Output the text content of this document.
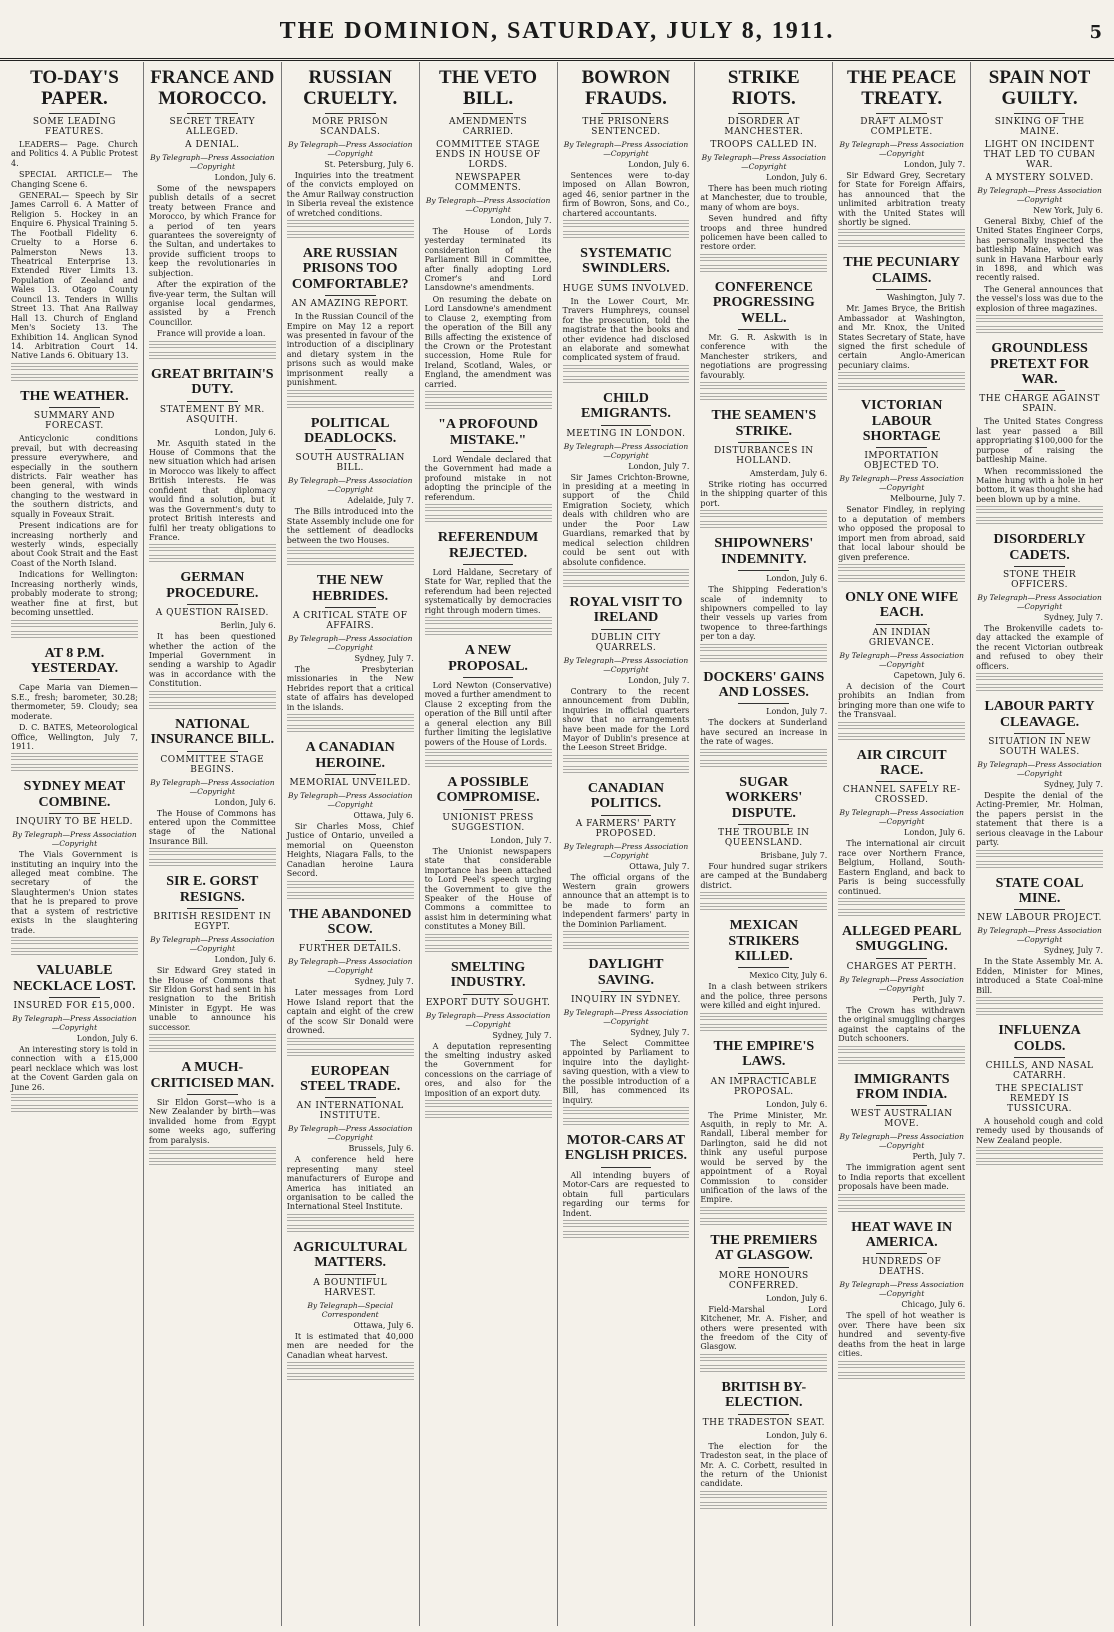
THE DOMINION, SATURDAY, JULY 8, 1911.	5
TO-DAY'S PAPER.
SOME LEADING FEATURES.

LEADERS— Page. Church and Politics 4. A Public Protest 4.

SPECIAL ARTICLE— The Changing Scene 6.

GENERAL— Speech by Sir James Carroll 6. A Matter of Religion 5. Hockey in an Enquire 6. Physical Training 5. The Football Fidelity 6. Cruelty to a Horse 6. Palmerston News 13. Theatrical Enterprise 13. Extended River Limits 13. Population of Zealand and Wales 13. Otago County Council 13. Tenders in Willis Street 13. That Ana Railway Hall 13. Church of England Men's Society 13. The Exhibition 14. Anglican Synod 14. Arbitration Court 14. Native Lands 6. Obituary 13.

THE WEATHER.
SUMMARY AND FORECAST.

Anticyclonic conditions prevail, but with decreasing pressure everywhere, and especially in the southern districts. Fair weather has been general, with winds changing to the westward in the southern districts, and squally in Foveaux Strait.

Present indications are for increasing northerly and westerly winds, especially about Cook Strait and the East Coast of the North Island.

Indications for Wellington: Increasing northerly winds, probably moderate to strong; weather fine at first, but becoming unsettled.

AT 8 P.M. YESTERDAY.

Cape Maria van Diemen—S.E., fresh; barometer, 30.28; thermometer, 59. Cloudy; sea moderate.

D. C. BATES, Meteorological Office, Wellington, July 7, 1911.

SYDNEY MEAT COMBINE.
INQUIRY TO BE HELD.
By Telegraph—Press Association—Copyright

The Vials Government is instituting an inquiry into the alleged meat combine. The secretary of the Slaughtermen's Union states that he is prepared to prove that a system of restrictive exists in the slaughtering trade.

VALUABLE NECKLACE LOST.
INSURED FOR £15,000.
By Telegraph—Press Association—Copyright
London, July 6.

An interesting story is told in connection with a £15,000 pearl necklace which was lost at the Covent Garden gala on June 26.

FRANCE AND MOROCCO.
SECRET TREATY ALLEGED.
A DENIAL.
By Telegraph—Press Association—Copyright
London, July 6.

Some of the newspapers publish details of a secret treaty between France and Morocco, by which France for a period of ten years guarantees the sovereignty of the Sultan, and undertakes to provide sufficient troops to keep the revolutionaries in subjection.

After the expiration of the five-year term, the Sultan will organise local gendarmes, assisted by a French Councillor.

France will provide a loan.

GREAT BRITAIN'S DUTY.
STATEMENT BY MR. ASQUITH.
London, July 6.

Mr. Asquith stated in the House of Commons that the new situation which had arisen in Morocco was likely to affect British interests. He was confident that diplomacy would find a solution, but it was the Government's duty to protect British interests and fulfil her treaty obligations to France.

GERMAN PROCEDURE.
A QUESTION RAISED.
Berlin, July 6.

It has been questioned whether the action of the Imperial Government in sending a warship to Agadir was in accordance with the Constitution.

NATIONAL INSURANCE BILL.
COMMITTEE STAGE BEGINS.
By Telegraph—Press Association—Copyright
London, July 6.

The House of Commons has entered upon the Committee stage of the National Insurance Bill.

SIR E. GORST RESIGNS.
BRITISH RESIDENT IN EGYPT.
By Telegraph—Press Association—Copyright
London, July 6.

Sir Edward Grey stated in the House of Commons that Sir Eldon Gorst had sent in his resignation to the British Minister in Egypt. He was unable to announce his successor.

A MUCH-CRITICISED MAN.

Sir Eldon Gorst—who is a New Zealander by birth—was invalided home from Egypt some weeks ago, suffering from paralysis.

RUSSIAN CRUELTY.
MORE PRISON SCANDALS.
By Telegraph—Press Association—Copyright
St. Petersburg, July 6.

Inquiries into the treatment of the convicts employed on the Amur Railway construction in Siberia reveal the existence of wretched conditions.

ARE RUSSIAN PRISONS TOO COMFORTABLE?
AN AMAZING REPORT.

In the Russian Council of the Empire on May 12 a report was presented in favour of the introduction of a disciplinary and dietary system in the prisons such as would make imprisonment really a punishment.

POLITICAL DEADLOCKS.
SOUTH AUSTRALIAN BILL.
By Telegraph—Press Association—Copyright
Adelaide, July 7.

The Bills introduced into the State Assembly include one for the settlement of deadlocks between the two Houses.

THE NEW HEBRIDES.
A CRITICAL STATE OF AFFAIRS.
By Telegraph—Press Association—Copyright
Sydney, July 7.

The Presbyterian missionaries in the New Hebrides report that a critical state of affairs has developed in the islands.

A CANADIAN HEROINE.
MEMORIAL UNVEILED.
By Telegraph—Press Association—Copyright
Ottawa, July 6.

Sir Charles Moss, Chief Justice of Ontario, unveiled a memorial on Queenston Heights, Niagara Falls, to the Canadian heroine Laura Secord.

THE ABANDONED SCOW.
FURTHER DETAILS.
By Telegraph—Press Association—Copyright
Sydney, July 7.

Later messages from Lord Howe Island report that the captain and eight of the crew of the scow Sir Donald were drowned.

EUROPEAN STEEL TRADE.
AN INTERNATIONAL INSTITUTE.
By Telegraph—Press Association—Copyright
Brussels, July 6.

A conference held here representing many steel manufacturers of Europe and America has initiated an organisation to be called the International Steel Institute.

AGRICULTURAL MATTERS.
A BOUNTIFUL HARVEST.
By Telegraph—Special Correspondent
Ottawa, July 6.

It is estimated that 40,000 men are needed for the Canadian wheat harvest.

THE VETO BILL.
AMENDMENTS CARRIED.
COMMITTEE STAGE ENDS IN HOUSE OF LORDS.
NEWSPAPER COMMENTS.
By Telegraph—Press Association—Copyright
London, July 7.

The House of Lords yesterday terminated its consideration of the Parliament Bill in Committee, after finally adopting Lord Cromer's and Lord Lansdowne's amendments.

On resuming the debate on Lord Lansdowne's amendment to Clause 2, exempting from the operation of the Bill any Bills affecting the existence of the Crown or the Protestant succession, Home Rule for Ireland, Scotland, Wales, or England, the amendment was carried.

"A PROFOUND MISTAKE."

Lord Wendale declared that the Government had made a profound mistake in not adopting the principle of the referendum.

REFERENDUM REJECTED.

Lord Haldane, Secretary of State for War, replied that the referendum had been rejected systematically by democracies right through modern times.

A NEW PROPOSAL.

Lord Newton (Conservative) moved a further amendment to Clause 2 excepting from the operation of the Bill until after a general election any Bill further limiting the legislative powers of the House of Lords.

A POSSIBLE COMPROMISE.
UNIONIST PRESS SUGGESTION.
London, July 7.

The Unionist newspapers state that considerable importance has been attached to Lord Peel's speech urging the Government to give the Speaker of the House of Commons a committee to assist him in determining what constitutes a Money Bill.

SMELTING INDUSTRY.
EXPORT DUTY SOUGHT.
By Telegraph—Press Association—Copyright
Sydney, July 7.

A deputation representing the smelting industry asked the Government for concessions on the carriage of ores, and also for the imposition of an export duty.

BOWRON FRAUDS.
THE PRISONERS SENTENCED.
By Telegraph—Press Association—Copyright
London, July 6.

Sentences were to-day imposed on Allan Bowron, aged 46, senior partner in the firm of Bowron, Sons, and Co., chartered accountants.

SYSTEMATIC SWINDLERS.
HUGE SUMS INVOLVED.

In the Lower Court, Mr. Travers Humphreys, counsel for the prosecution, told the magistrate that the books and other evidence had disclosed an elaborate and somewhat complicated system of fraud.

CHILD EMIGRANTS.
MEETING IN LONDON.
By Telegraph—Press Association—Copyright
London, July 7.

Sir James Crichton-Browne, in presiding at a meeting in support of the Child Emigration Society, which deals with children who are under the Poor Law Guardians, remarked that by medical selection children could be sent out with absolute confidence.

ROYAL VISIT TO IRELAND
DUBLIN CITY QUARRELS.
By Telegraph—Press Association—Copyright
London, July 7.

Contrary to the recent announcement from Dublin, inquiries in official quarters show that no arrangements have been made for the Lord Mayor of Dublin's presence at the Leeson Street Bridge.

CANADIAN POLITICS.
A FARMERS' PARTY PROPOSED.
By Telegraph—Press Association—Copyright
Ottawa, July 7.

The official organs of the Western grain growers announce that an attempt is to be made to form an independent farmers' party in the Dominion Parliament.

DAYLIGHT SAVING.
INQUIRY IN SYDNEY.
By Telegraph—Press Association—Copyright
Sydney, July 7.

The Select Committee appointed by Parliament to inquire into the daylight-saving question, with a view to the possible introduction of a Bill, has commenced its inquiry.

MOTOR-CARS AT ENGLISH PRICES.

All intending buyers of Motor-Cars are requested to obtain full particulars regarding our terms for Indent.

STRIKE RIOTS.
DISORDER AT MANCHESTER.
TROOPS CALLED IN.
By Telegraph—Press Association—Copyright
London, July 6.

There has been much rioting at Manchester, due to trouble, many of whom are boys.

Seven hundred and fifty troops and three hundred policemen have been called to restore order.

CONFERENCE PROGRESSING WELL.

Mr. G. R. Askwith is in conference with the Manchester strikers, and negotiations are progressing favourably.

THE SEAMEN'S STRIKE.
DISTURBANCES IN HOLLAND.
Amsterdam, July 6.

Strike rioting has occurred in the shipping quarter of this port.

SHIPOWNERS' INDEMNITY.
London, July 6.

The Shipping Federation's scale of indemnity to shipowners compelled to lay their vessels up varies from twopence to three-farthings per ton a day.

DOCKERS' GAINS AND LOSSES.
London, July 7.

The dockers at Sunderland have secured an increase in the rate of wages.

SUGAR WORKERS' DISPUTE.
THE TROUBLE IN QUEENSLAND.
Brisbane, July 7.

Four hundred sugar strikers are camped at the Bundaberg district.

MEXICAN STRIKERS KILLED.
Mexico City, July 6.

In a clash between strikers and the police, three persons were killed and eight injured.

THE EMPIRE'S LAWS.
AN IMPRACTICABLE PROPOSAL.
London, July 6.

The Prime Minister, Mr. Asquith, in reply to Mr. A. Randall, Liberal member for Darlington, said he did not think any useful purpose would be served by the appointment of a Royal Commission to consider unification of the laws of the Empire.

THE PREMIERS AT GLASGOW.
MORE HONOURS CONFERRED.
London, July 6.

Field-Marshal Lord Kitchener, Mr. A. Fisher, and others were presented with the freedom of the City of Glasgow.

BRITISH BY-ELECTION.
THE TRADESTON SEAT.
London, July 6.

The election for the Tradeston seat, in the place of Mr. A. C. Corbett, resulted in the return of the Unionist candidate.

THE PEACE TREATY.
DRAFT ALMOST COMPLETE.
By Telegraph—Press Association—Copyright
London, July 7.

Sir Edward Grey, Secretary for State for Foreign Affairs, has announced that the unlimited arbitration treaty with the United States will shortly be signed.

THE PECUNIARY CLAIMS.
Washington, July 7.

Mr. James Bryce, the British Ambassador at Washington, and Mr. Knox, the United States Secretary of State, have signed the first schedule of certain Anglo-American pecuniary claims.

VICTORIAN LABOUR SHORTAGE
IMPORTATION OBJECTED TO.
By Telegraph—Press Association—Copyright
Melbourne, July 7.

Senator Findley, in replying to a deputation of members who opposed the proposal to import men from abroad, said that local labour should be given preference.

ONLY ONE WIFE EACH.
AN INDIAN GRIEVANCE.
By Telegraph—Press Association—Copyright
Capetown, July 6.

A decision of the Court prohibits an Indian from bringing more than one wife to the Transvaal.

AIR CIRCUIT RACE.
CHANNEL SAFELY RE-CROSSED.
By Telegraph—Press Association—Copyright
London, July 6.

The international air circuit race over Northern France, Belgium, Holland, South-Eastern England, and back to Paris is being successfully continued.

ALLEGED PEARL SMUGGLING.
CHARGES AT PERTH.
By Telegraph—Press Association—Copyright
Perth, July 7.

The Crown has withdrawn the original smuggling charges against the captains of the Dutch schooners.

IMMIGRANTS FROM INDIA.
WEST AUSTRALIAN MOVE.
By Telegraph—Press Association—Copyright
Perth, July 7.

The immigration agent sent to India reports that excellent proposals have been made.

HEAT WAVE IN AMERICA.
HUNDREDS OF DEATHS.
By Telegraph—Press Association—Copyright
Chicago, July 6.

The spell of hot weather is over. There have been six hundred and seventy-five deaths from the heat in large cities.

SPAIN NOT GUILTY.
SINKING OF THE MAINE.
LIGHT ON INCIDENT THAT LED TO CUBAN WAR.
A MYSTERY SOLVED.
By Telegraph—Press Association—Copyright
New York, July 6.

General Bixby, Chief of the United States Engineer Corps, has personally inspected the battleship Maine, which was sunk in Havana Harbour early in 1898, and which was recently raised.

The General announces that the vessel's loss was due to the explosion of three magazines.

GROUNDLESS PRETEXT FOR WAR.
THE CHARGE AGAINST SPAIN.

The United States Congress last year passed a Bill appropriating $100,000 for the purpose of raising the battleship Maine.

When recommissioned the Maine hung with a hole in her bottom, it was thought she had been blown up by a mine.

DISORDERLY CADETS.
STONE THEIR OFFICERS.
By Telegraph—Press Association—Copyright
Sydney, July 7.

The Brokenville cadets to-day attacked the example of the recent Victorian outbreak and refused to obey their officers.

LABOUR PARTY CLEAVAGE.
SITUATION IN NEW SOUTH WALES.
By Telegraph—Press Association—Copyright
Sydney, July 7.

Despite the denial of the Acting-Premier, Mr. Holman, the papers persist in the statement that there is a serious cleavage in the Labour party.

STATE COAL MINE.
NEW LABOUR PROJECT.
By Telegraph—Press Association—Copyright
Sydney, July 7.

In the State Assembly Mr. A. Edden, Minister for Mines, introduced a State Coal-mine Bill.

INFLUENZA COLDS.
CHILLS, AND NASAL CATARRH.
THE SPECIALIST REMEDY IS TUSSICURA.

A household cough and cold remedy used by thousands of New Zealand people.
